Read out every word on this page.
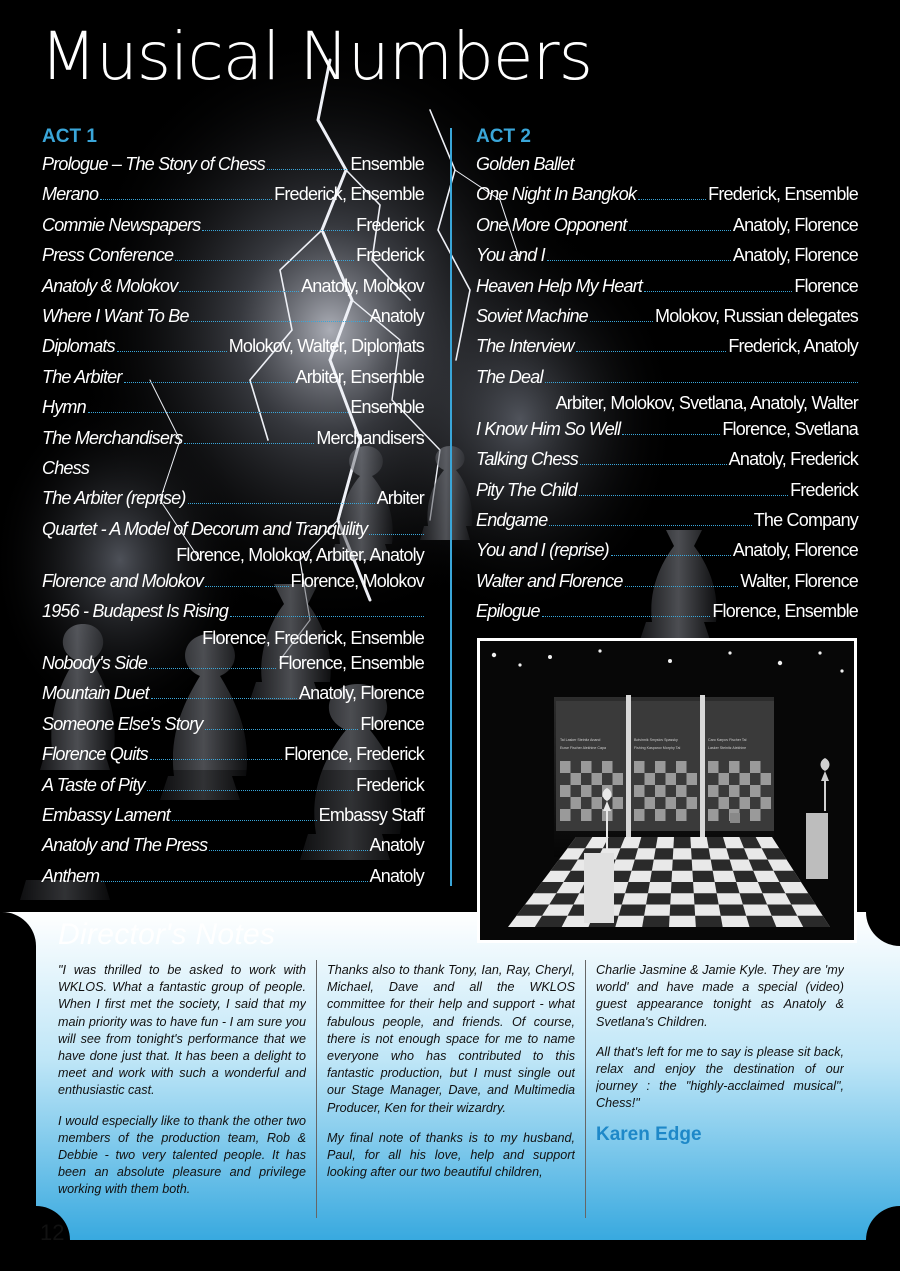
Musical Numbers
ACT 1
Prologue – The Story of Chess	Ensemble
Merano	Frederick, Ensemble
Commie Newspapers	Frederick
Press Conference	Frederick
Anatoly & Molokov	Anatoly, Molokov
Where I Want To Be	Anatoly
Diplomats	Molokov, Walter, Diplomats
The Arbiter	Arbiter, Ensemble
Hymn	Ensemble
The Merchandisers	Merchandisers
Chess
The Arbiter (reprise)	Arbiter
Quartet - A Model of Decorum and Tranquility
Florence, Molokov, Arbiter, Anatoly
Florence and Molokov	Florence, Molokov
1956 - Budapest Is Rising
Florence, Frederick, Ensemble
Nobody's Side	Florence, Ensemble
Mountain Duet	Anatoly, Florence
Someone Else's Story	Florence
Florence Quits	Florence, Frederick
A Taste of Pity	Frederick
Embassy Lament	Embassy Staff
Anatoly and The Press	Anatoly
Anthem	Anatoly
ACT 2
Golden Ballet
One Night In Bangkok	Frederick, Ensemble
One More Opponent	Anatoly, Florence
You and I	Anatoly, Florence
Heaven Help My Heart	Florence
Soviet Machine	Molokov, Russian delegates
The Interview	Frederick, Anatoly
The Deal
Arbiter, Molokov, Svetlana, Anatoly, Walter
I Know Him So Well	Florence, Svetlana
Talking Chess	Anatoly, Frederick
Pity The Child	Frederick
Endgame	The Company
You and I (reprise)	Anatoly, Florence
Walter and Florence	Walter, Florence
Epilogue	Florence, Ensemble
Tal Lasker Steinitz Anand
Euwe Fischer Alekhine Capa
Botvinnik Smyslov Spassky
Fishing Kasparov Morphy Tal
Caro Karpov Fischer Tal
Lasker Steinitz Alekhine
Director's Notes

"I was thrilled to be asked to work with WKLOS. What a fantastic group of people. When I first met the society, I said that my main priority was to have fun - I am sure you will see from tonight's performance that we have done just that. It has been a delight to meet and work with such a wonderful and enthusiastic cast.

I would especially like to thank the other two members of the production team, Rob & Debbie - two very talented people. It has been an absolute pleasure and privilege working with them both.

Thanks also to thank Tony, Ian, Ray, Cheryl, Michael, Dave and all the WKLOS committee for their help and support - what fabulous people, and friends. Of course, there is not enough space for me to name everyone who has contributed to this fantastic production, but I must single out our Stage Manager, Dave, and Multimedia Producer, Ken for their wizardry.

My final note of thanks is to my husband, Paul, for all his love, help and support looking after our two beautiful children,

Charlie Jasmine & Jamie Kyle. They are 'my world' and have made a special (video) guest appearance tonight as Anatoly & Svetlana's Children.

All that's left for me to say is please sit back, relax and enjoy the destination of our journey : the "highly-acclaimed musical", Chess!"

Karen Edge

12
